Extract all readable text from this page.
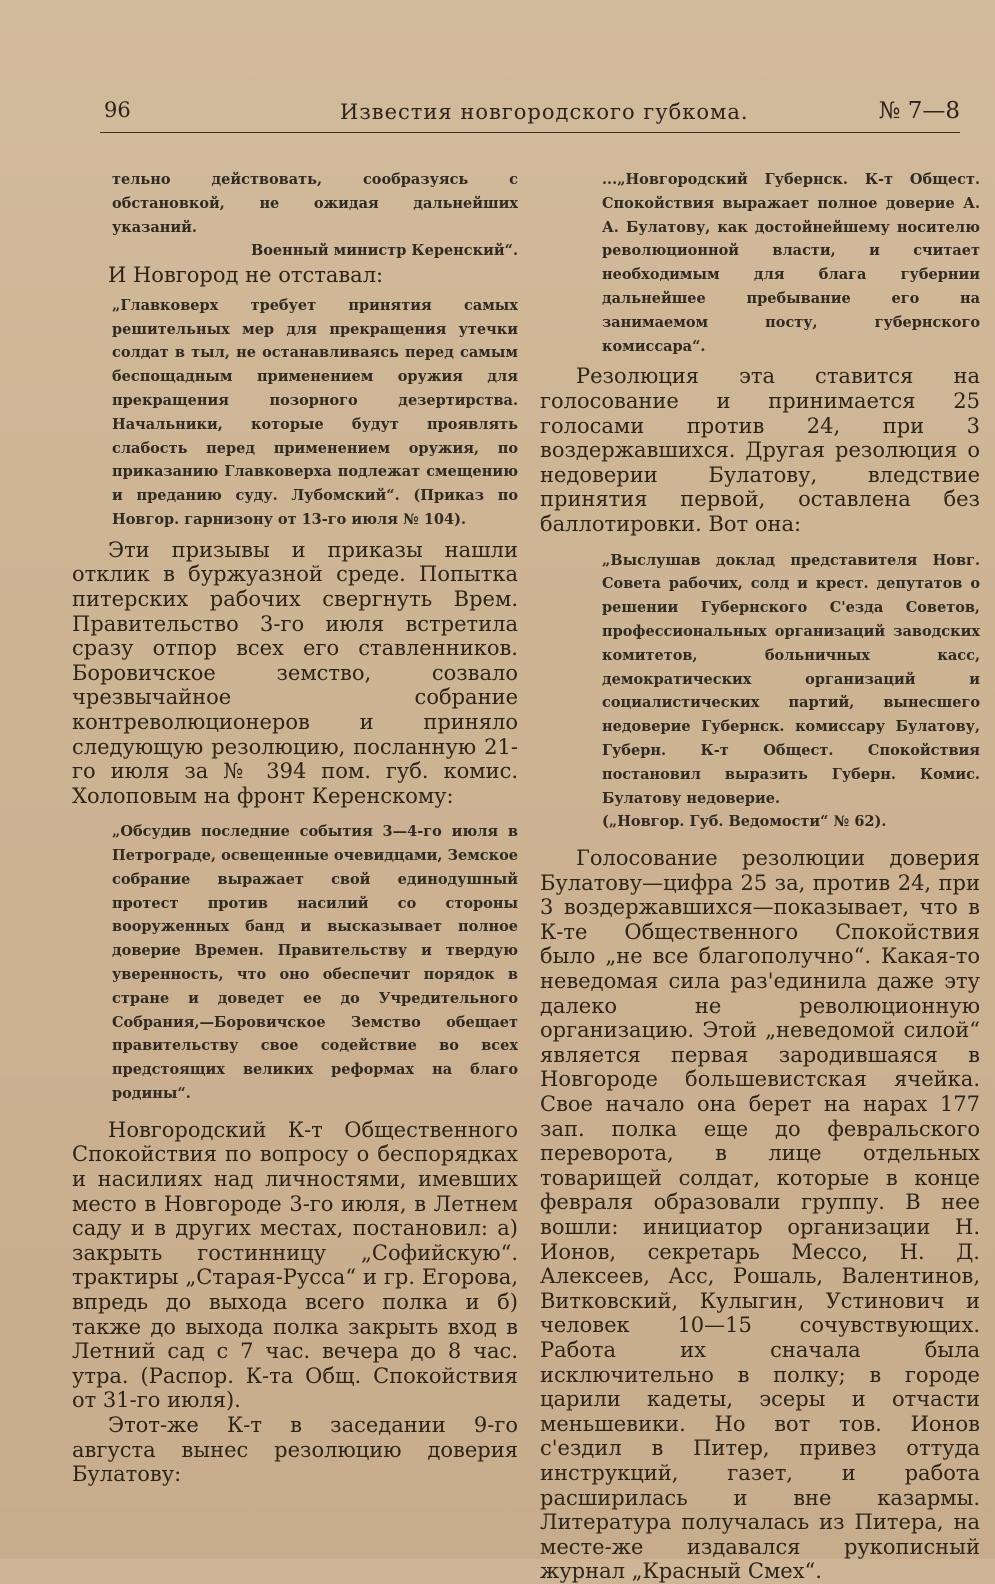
96	Известия новгородского губкома.	№ 7—8

тельно действовать, сообразуясь с обстановкой, не ожидая дальнейших указаний.

Военный министр Керенский“.

И Новгород не отставал:

„Главковерх требует принятия самых решительных мер для прекращения утечки солдат в тыл, не останавливаясь перед самым беспощадным применением оружия для прекращения позорного дезертирства. Начальники, которые будут проявлять слабость перед применением оружия, по приказанию Главковерха подлежат смещению и преданию суду. Лубомский“. (Приказ по Новгор. гарнизону от 13-го июля № 104).

Эти призывы и приказы нашли отклик в буржуазной среде. Попытка питерских рабочих свергнуть Врем. Правительство 3-го июля встретила сразу отпор всех его ставленников. Боровичское земство, созвало чрезвычайное собрание контреволюционеров и приняло следующую резолюцию, посланную 21-го июля за № 394 пом. губ. комис. Холоповым на фронт Керенскому:

„Обсудив последние события 3—4-го июля в Петрограде, освещенные очевидцами, Земское собрание выражает свой единодушный протест против насилий со стороны вооруженных банд и высказывает полное доверие Времен. Правительству и твердую уверенность, что оно обеспечит порядок в стране и доведет ее до Учредительного Собрания,—Боровичское Земство обещает правительству свое содействие во всех предстоящих великих реформах на благо родины“.

Новгородский К-т Общественного Спокойствия по вопросу о беспорядках и насилиях над личностями, имевших место в Новгороде 3-го июля, в Летнем саду и в других местах, постановил: а) закрыть гостинницу „Софийскую“. трактиры „Старая-Русса“ и гр. Егорова, впредь до выхода всего полка и б) также до выхода полка закрыть вход в Летний сад с 7 час. вечера до 8 час. утра. (Распор. К-та Общ. Спокойствия от 31-го июля).

Этот-же К-т в заседании 9-го августа вынес резолюцию доверия Булатову:

...„Новгородский Губернск. К-т Общест. Спокойствия выражает полное доверие А. А. Булатову, как достойнейшему носителю революционной власти, и считает необходимым для блага губернии дальнейшее пребывание его на занимаемом посту, губернского комиссара“.

Резолюция эта ставится на голосование и принимается 25 голосами против 24, при 3 воздержавшихся. Другая резолюция о недоверии Булатову, вледствие принятия первой, оставлена без баллотировки. Вот она:

„Выслушав доклад представителя Новг. Совета рабочих, солд и крест. депутатов о решении Губернского С'езда Советов, профессиональных организаций заводских комитетов, больничных касс, демократических организаций и социалистических партий, вынесшего недоверие Губернск. комиссару Булатову, Губерн. К-т Общест. Спокойствия постановил выразить Губерн. Комис. Булатову недоверие.

(„Новгор. Губ. Ведомости“ № 62).

Голосование резолюции доверия Булатову—цифра 25 за, против 24, при 3 воздержавшихся—показывает, что в К-те Общественного Спокойствия было „не все благополучно“. Какая-то неведомая сила раз'единила даже эту далеко не революционную организацию. Этой „неведомой силой“ является первая зародившаяся в Новгороде большевистская ячейка. Свое начало она берет на нарах 177 зап. полка еще до февральского переворота, в лице отдельных товарищей солдат, которые в конце февраля образовали группу. В нее вошли: инициатор организации Н. Ионов, секретарь Мессо, Н. Д. Алексеев, Асс, Рошаль, Валентинов, Витковский, Кулыгин, Устинович и человек 10—15 сочувствующих. Работа их сначала была исключительно в полку; в городе царили кадеты, эсеры и отчасти меньшевики. Но вот тов. Ионов с'ездил в Питер, привез оттуда инструкций, газет, и работа расширилась и вне казармы. Литература получалась из Питера, на месте-же издавался рукописный журнал „Красный Смех“.
